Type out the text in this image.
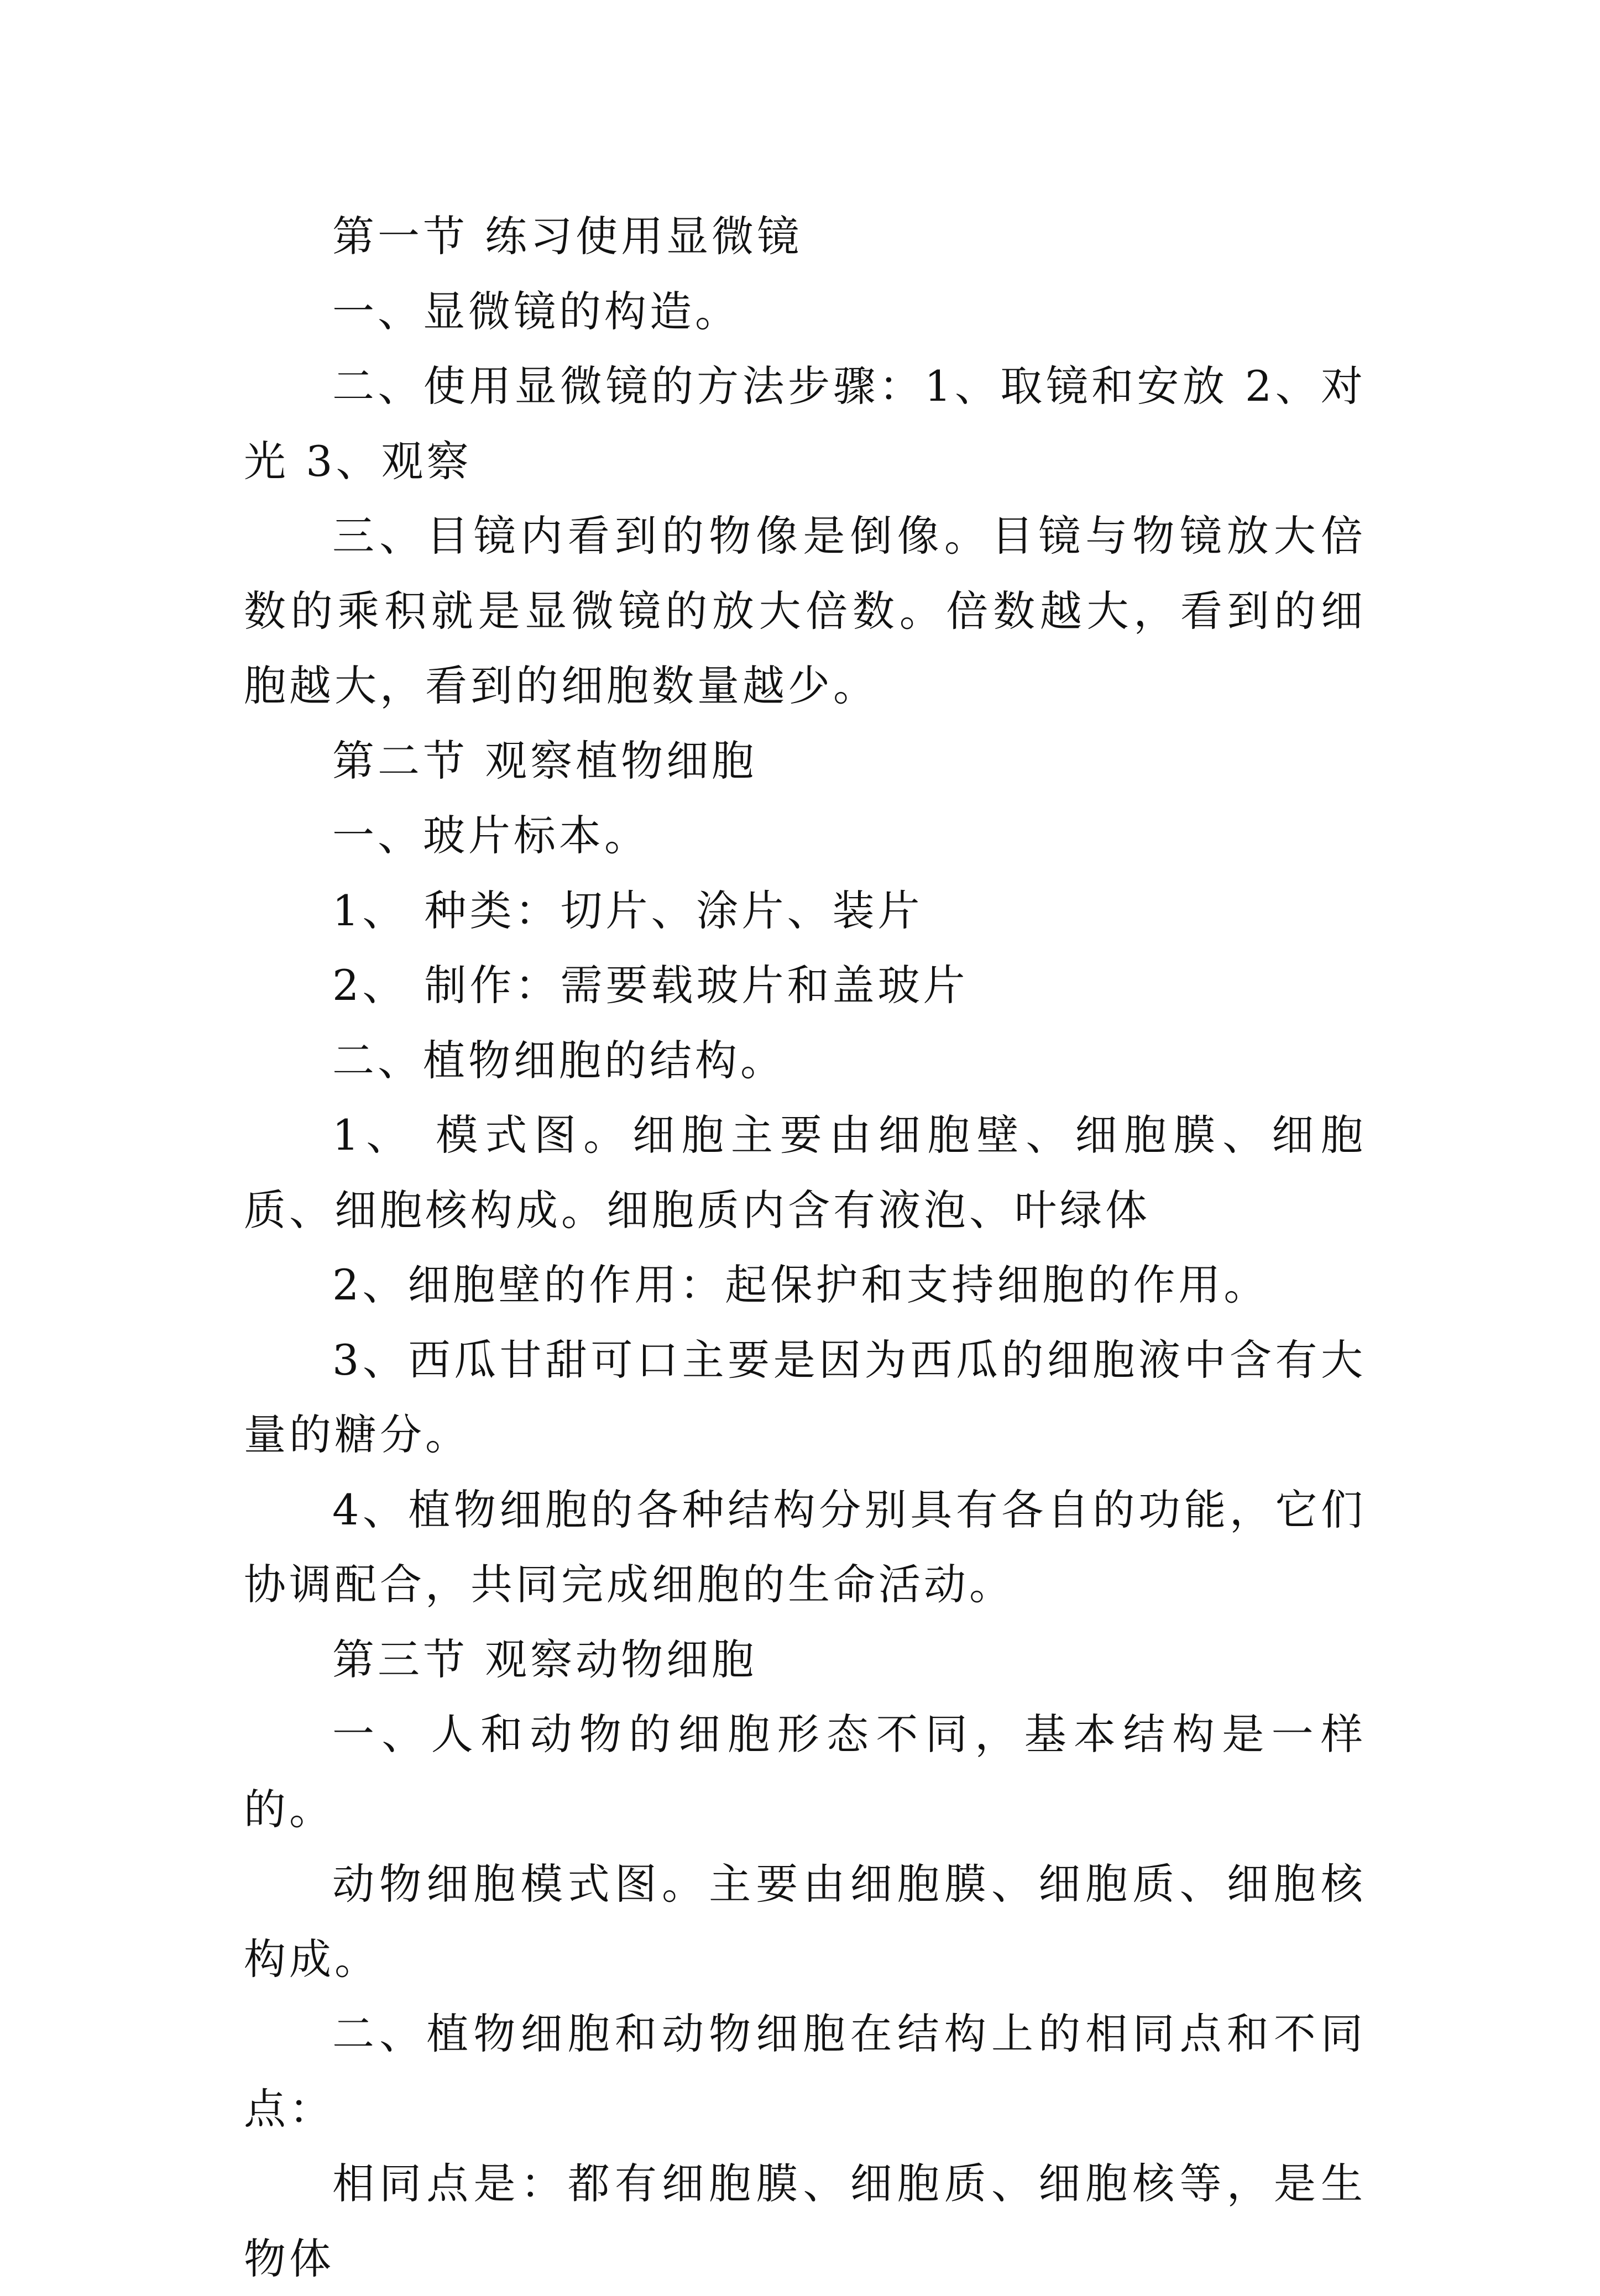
第一节 练习使用显微镜

一、显微镜的构造。

二、使用显微镜的方法步骤：1、取镜和安放 2、对光 3、观察

三、目镜内看到的物像是倒像。目镜与物镜放大倍数的乘积就是显微镜的放大倍数。倍数越大，看到的细胞越大，看到的细胞数量越少。

第二节 观察植物细胞

一、玻片标本。

1、 种类：切片、涂片、装片

2、 制作：需要载玻片和盖玻片

二、植物细胞的结构。

1、 模式图。细胞主要由细胞壁、细胞膜、细胞质、细胞核构成。细胞质内含有液泡、叶绿体

2、细胞壁的作用：起保护和支持细胞的作用。

3、西瓜甘甜可口主要是因为西瓜的细胞液中含有大量的糖分。

4、植物细胞的各种结构分别具有各自的功能，它们协调配合，共同完成细胞的生命活动。

第三节 观察动物细胞

一、人和动物的细胞形态不同，基本结构是一样的。

动物细胞模式图。主要由细胞膜、细胞质、细胞核构成。

二、植物细胞和动物细胞在结构上的相同点和不同点：

相同点是：都有细胞膜、细胞质、细胞核等，是生物体
